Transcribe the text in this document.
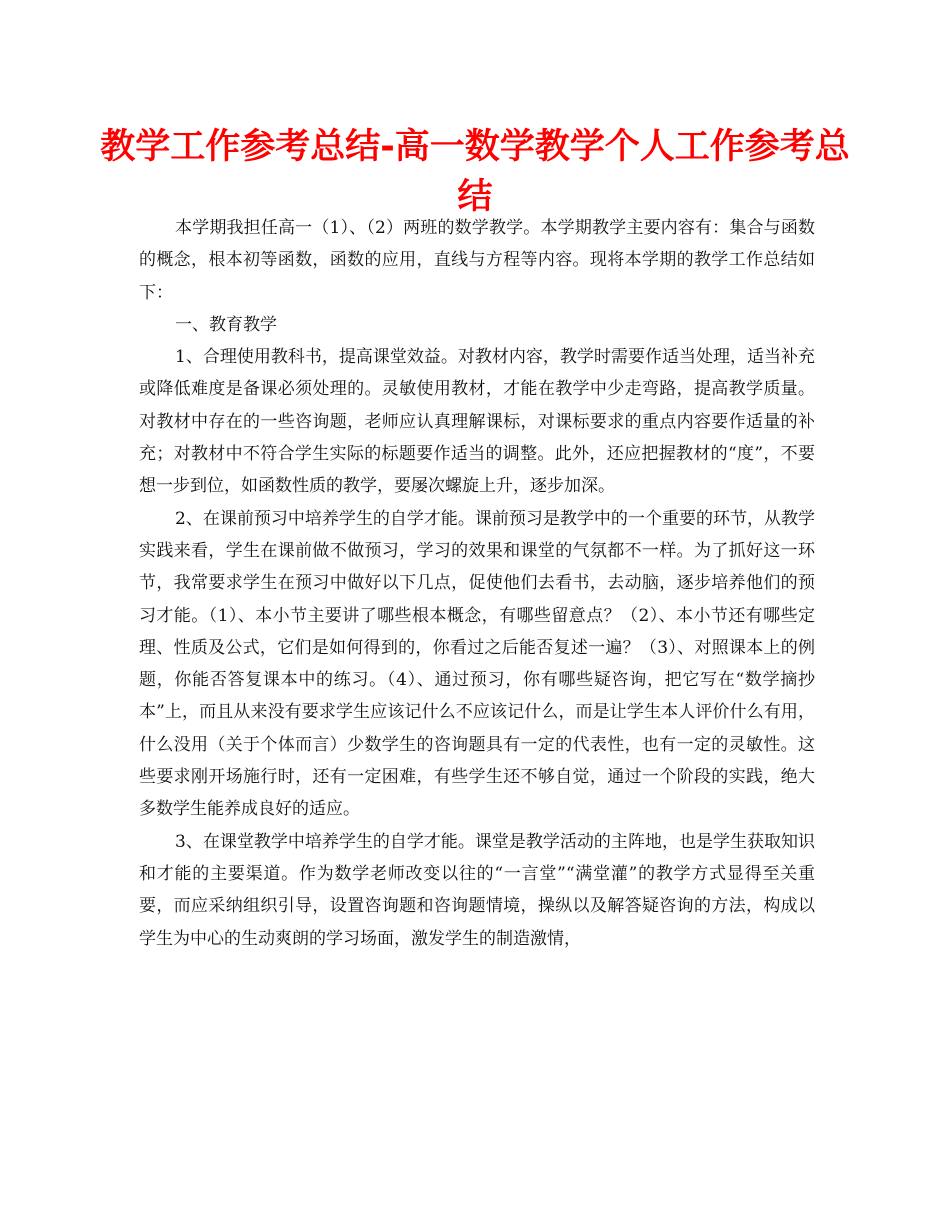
教学工作参考总结-高一数学教学个人工作参考总结

本学期我担任高一（1）、（2）两班的数学教学。本学期教学主要内容有：集合与函数的概念，根本初等函数，函数的应用，直线与方程等内容。现将本学期的教学工作总结如下：

一、教育教学

1、合理使用教科书，提高课堂效益。对教材内容，教学时需要作适当处理，适当补充或降低难度是备课必须处理的。灵敏使用教材，才能在教学中少走弯路，提高教学质量。对教材中存在的一些咨询题，老师应认真理解课标，对课标要求的重点内容要作适量的补充；对教材中不符合学生实际的标题要作适当的调整。此外，还应把握教材的“度”，不要想一步到位，如函数性质的教学，要屡次螺旋上升，逐步加深。

2、在课前预习中培养学生的自学才能。课前预习是教学中的一个重要的环节，从教学实践来看，学生在课前做不做预习，学习的效果和课堂的气氛都不一样。为了抓好这一环节，我常要求学生在预习中做好以下几点，促使他们去看书，去动脑，逐步培养他们的预习才能。（1）、本小节主要讲了哪些根本概念，有哪些留意点？（2）、本小节还有哪些定理、性质及公式，它们是如何得到的，你看过之后能否复述一遍？（3）、对照课本上的例题，你能否答复课本中的练习。（4）、通过预习，你有哪些疑咨询，把它写在“数学摘抄本”上，而且从来没有要求学生应该记什么不应该记什么，而是让学生本人评价什么有用，什么没用（关于个体而言）少数学生的咨询题具有一定的代表性，也有一定的灵敏性。这些要求刚开场施行时，还有一定困难，有些学生还不够自觉，通过一个阶段的实践，绝大多数学生能养成良好的适应。

3、在课堂教学中培养学生的自学才能。课堂是教学活动的主阵地，也是学生获取知识和才能的主要渠道。作为数学老师改变以往的“一言堂”“满堂灌”的教学方式显得至关重要，而应采纳组织引导，设置咨询题和咨询题情境，操纵以及解答疑咨询的方法，构成以学生为中心的生动爽朗的学习场面，激发学生的制造激情，
